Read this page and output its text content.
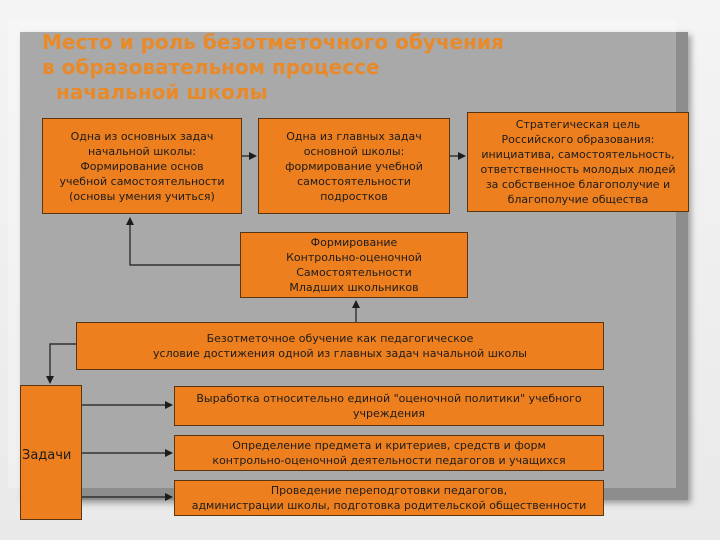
Место и роль безотметочного обучения
в образовательном процессе
начальной школы
Одна из основных задач
начальной школы:
Формирование основ
учебной самостоятельности
(основы умения учиться)
Одна из главных задач
основной школы:
формирование учебной
самостоятельности
подростков
Стратегическая цель
Российского образования:
инициатива, самостоятельность,
ответственность молодых людей
за собственное благополучие и
благополучие общества
Формирование
Контрольно-оценочной
Самостоятельности
Младших школьников
Безотметочное обучение как педагогическое
условие достижения одной из главных задач начальной школы
Задачи
Выработка относительно единой "оценочной политики" учебного
учреждения
Определение предмета и критериев, средств и форм
контрольно-оценочной деятельности педагогов и учащихся
Проведение переподготовки педагогов,
администрации школы, подготовка родительской общественности
